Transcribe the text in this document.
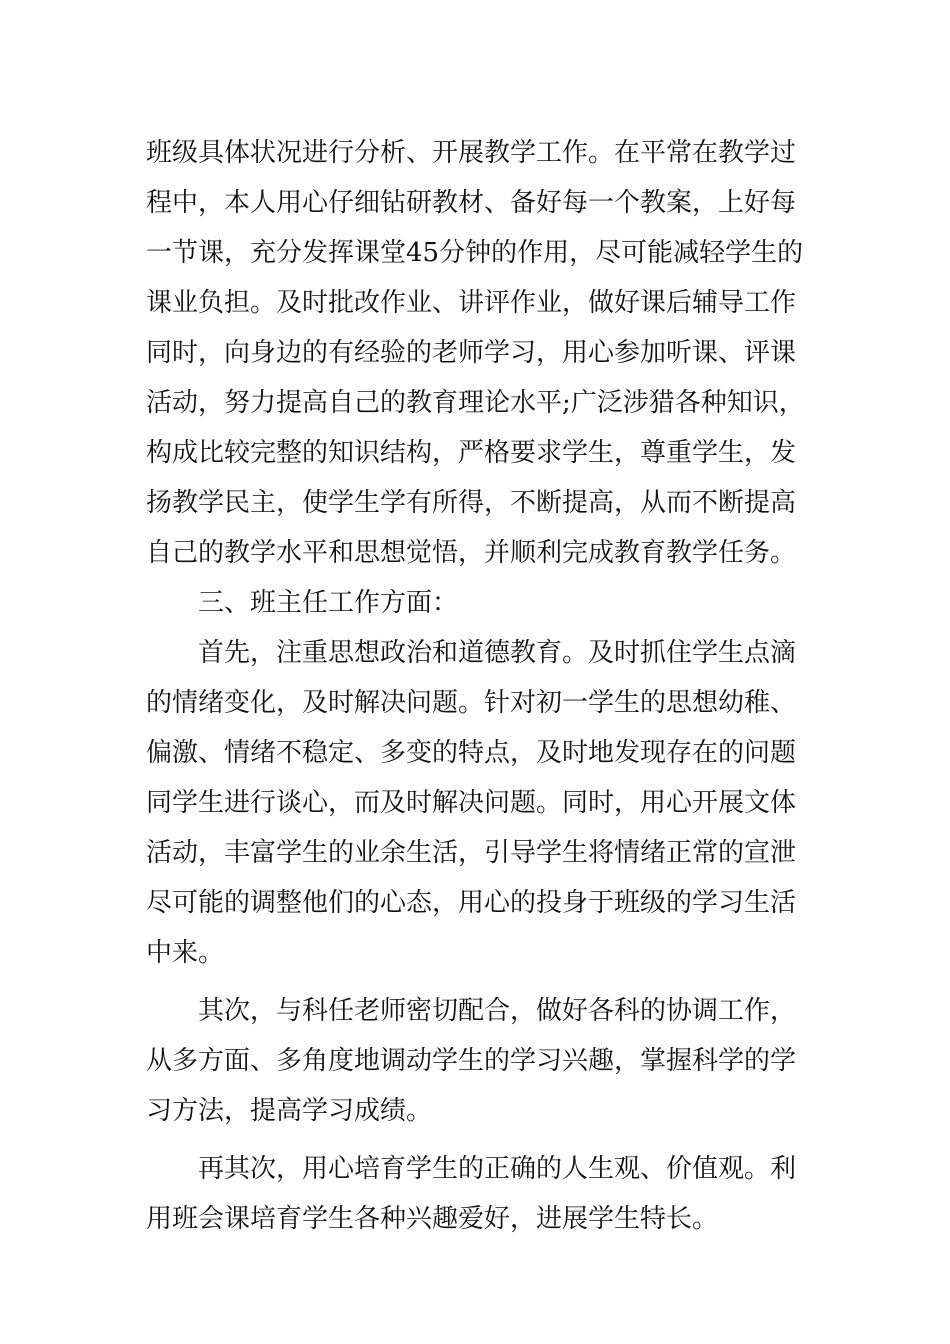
班级具体状况进行分析、开展教学工作。在平常在教学过
程中，本人用心仔细钻研教材、备好每一个教案，上好每
一节课，充分发挥课堂45分钟的作用，尽可能减轻学生的
课业负担。及时批改作业、讲评作业，做好课后辅导工作
同时，向身边的有经验的老师学习，用心参加听课、评课
活动，努力提高自己的教育理论水平;广泛涉猎各种知识，
构成比较完整的知识结构，严格要求学生，尊重学生，发
扬教学民主，使学生学有所得，不断提高，从而不断提高
自己的教学水平和思想觉悟，并顺利完成教育教学任务。
　　三、班主任工作方面：
　　首先，注重思想政治和道德教育。及时抓住学生点滴
的情绪变化，及时解决问题。针对初一学生的思想幼稚、
偏激、情绪不稳定、多变的特点，及时地发现存在的问题
同学生进行谈心，而及时解决问题。同时，用心开展文体
活动，丰富学生的业余生活，引导学生将情绪正常的宣泄
尽可能的调整他们的心态，用心的投身于班级的学习生活
中来。
　　其次，与科任老师密切配合，做好各科的协调工作，
从多方面、多角度地调动学生的学习兴趣，掌握科学的学
习方法，提高学习成绩。
　　再其次，用心培育学生的正确的人生观、价值观。利
用班会课培育学生各种兴趣爱好，进展学生特长。
